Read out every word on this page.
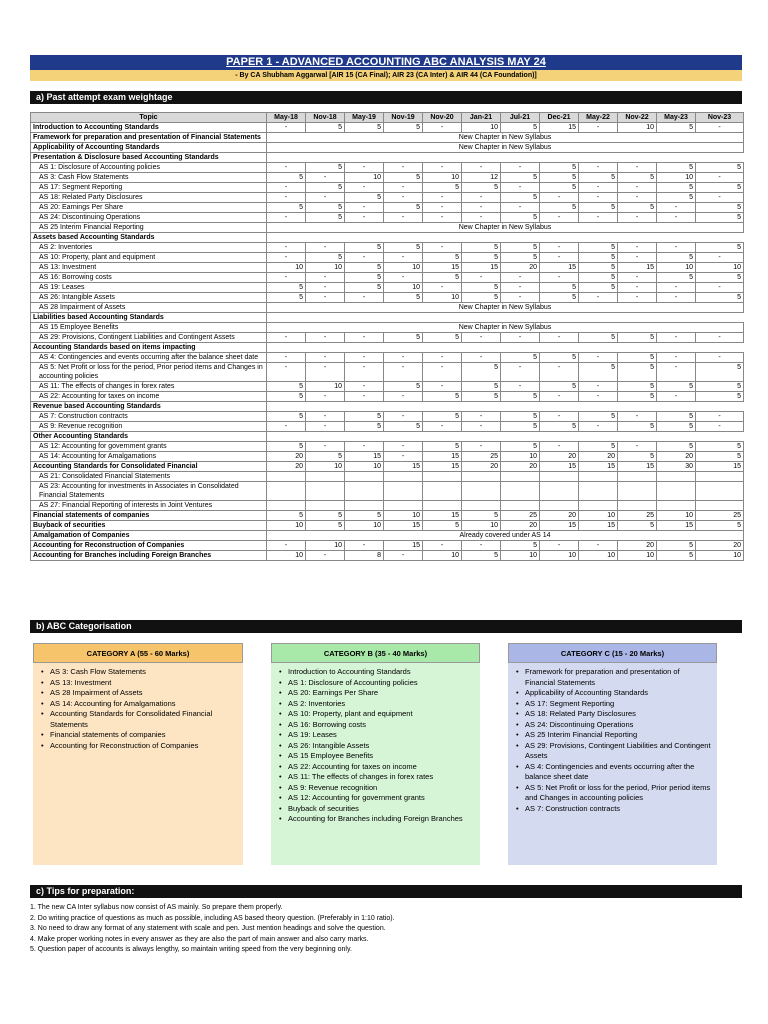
PAPER 1 - ADVANCED ACCOUNTING ABC ANALYSIS MAY 24
- By CA Shubham Aggarwal [AIR 15 (CA Final); AIR 23 (CA Inter) & AIR 44 (CA Foundation)]
a) Past attempt exam weightage
Topic	May-18	Nov-18	May-19	Nov-19	Nov-20	Jan-21	Jul-21	Dec-21	May-22	Nov-22	May-23	Nov-23
Introduction to Accounting Standards	-	5	5	5	-	10	5	15	-	10	5	-
Framework for preparation and presentation of Financial Statements	New Chapter in New Syllabus											
Applicability of Accounting Standards	New Chapter in New Syllabus											
Presentation & Disclosure based Accounting Standards												
AS 1: Disclosure of Accounting policies	-	5	-	-	-	-	-	5	-	-	5	5
AS 3: Cash Flow Statements	5	-	10	5	10	12	5	5	5	5	10	-
AS 17: Segment Reporting	-	5	-	-	5	5	-	5	-	-	5	5
AS 18: Related Party Disclosures	-	-	5	-	-	-	5	-	-	-	5	-
AS 20: Earnings Per Share	5	5	-	5	-	-	-	5	5	5	-	5
AS 24: Discontinuing Operations	-	5	-	-	-	-	5	-	-	-	-	5
AS 25 Interim Financial Reporting	New Chapter in New Syllabus											
Assets based Accounting Standards												
AS 2: Inventories	-	-	5	5	-	5	5	-	5	-	-	5
AS 10: Property, plant and equipment	-	5	-	-	5	5	5	-	5	-	5	-
AS 13: Investment	10	10	5	10	15	15	20	15	5	15	10	10
AS 16: Borrowing costs	-	-	5	-	5	-	-	-	5	-	5	5
AS 19: Leases	5	-	5	10	-	5	-	5	5	-	-	-
AS 26: Intangible Assets	5	-	-	5	10	5	-	5	-	-	-	5
AS 28 Impairment of Assets	New Chapter in New Syllabus											
Liabilities based Accounting Standards												
AS 15 Employee Benefits	New Chapter in New Syllabus											
AS 29: Provisions, Contingent Liabilities and Contingent Assets	-	-	-	5	5	-	-	-	5	5	-	-
Accounting Standards based on items impacting												
AS 4: Contingencies and events occurring after the balance sheet date	-	-	-	-	-	-	5	5	-	5	-	-
AS 5: Net Profit or loss for the period, Prior period items and Changes in accounting policies	-	-	-	-	-	5	-	-	5	5	-	5
AS 11: The effects of changes in forex rates	5	10	-	5	-	5	-	5	-	5	5	5
AS 22: Accounting for taxes on income	5	-	-	-	5	5	5	-	-	5	-	5
Revenue based Accounting Standards												
AS 7: Construction contracts	5	-	5	-	5	-	5	-	5	-	5	-
AS 9: Revenue recognition	-	-	5	5	-	-	5	5	-	5	5	-
Other Accounting Standards												
AS 12: Accounting for government grants	5	-	-	-	5	-	5	-	5	-	5	5
AS 14: Accounting for Amalgamations	20	5	15	-	15	25	10	20	20	5	20	5
Accounting Standards for Consolidated Financial	20	10	10	15	15	20	20	15	15	15	30	15
AS 21: Consolidated Financial Statements												
AS 23: Accounting for investments in Associates in Consolidated Financial Statements												
AS 27: Financial Reporting of interests in Joint Ventures												
Financial statements of companies	5	5	5	10	15	5	25	20	10	25	10	25
Buyback of securities	10	5	10	15	5	10	20	15	15	5	15	5
Amalgamation of Companies	Already covered under AS 14											
Accounting for Reconstruction of Companies	-	10	-	15	-	-	5	-	-	20	5	20
Accounting for Branches including Foreign Branches	10	-	8	-	10	5	10	10	10	10	5	10
b) ABC Categorisation
CATEGORY A (55 - 60 Marks)
• AS 3: Cash Flow Statements
• AS 13: Investment
• AS 28 Impairment of Assets
• AS 14: Accounting for Amalgamations
• Accounting Standards for Consolidated Financial Statements
• Financial statements of companies
• Accounting for Reconstruction of Companies
CATEGORY B (35 - 40 Marks)
• Introduction to Accounting Standards
• AS 1: Disclosure of Accounting policies
• AS 20: Earnings Per Share
• AS 2: Inventories
• AS 10: Property, plant and equipment
• AS 16: Borrowing costs
• AS 19: Leases
• AS 26: Intangible Assets
• AS 15 Employee Benefits
• AS 22: Accounting for taxes on income
• AS 11: The effects of changes in forex rates
• AS 9: Revenue recognition
• AS 12: Accounting for government grants
• Buyback of securities
• Accounting for Branches including Foreign Branches
CATEGORY C (15 - 20 Marks)
• Framework for preparation and presentation of Financial Statements
• Applicability of Accounting Standards
• AS 17: Segment Reporting
• AS 18: Related Party Disclosures
• AS 24: Discontinuing Operations
• AS 25 Interim Financial Reporting
• AS 29: Provisions, Contingent Liabilities and Contingent Assets
• AS 4: Contingencies and events occurring after the balance sheet date
• AS 5: Net Profit or loss for the period, Prior period items and Changes in accounting policies
• AS 7: Construction contracts
c) Tips for preparation:
1. The new CA Inter syllabus now consist of AS mainly. So prepare them properly.
2. Do writing practice of questions as much as possible, including AS based theory question. (Preferably in 1:10 ratio).
3. No need to draw any format of any statement with scale and pen. Just mention headings and solve the question.
4. Make proper working notes in every answer as they are also the part of main answer and also carry marks.
5. Question paper of accounts is always lengthy, so maintain writing speed from the very beginning only.
